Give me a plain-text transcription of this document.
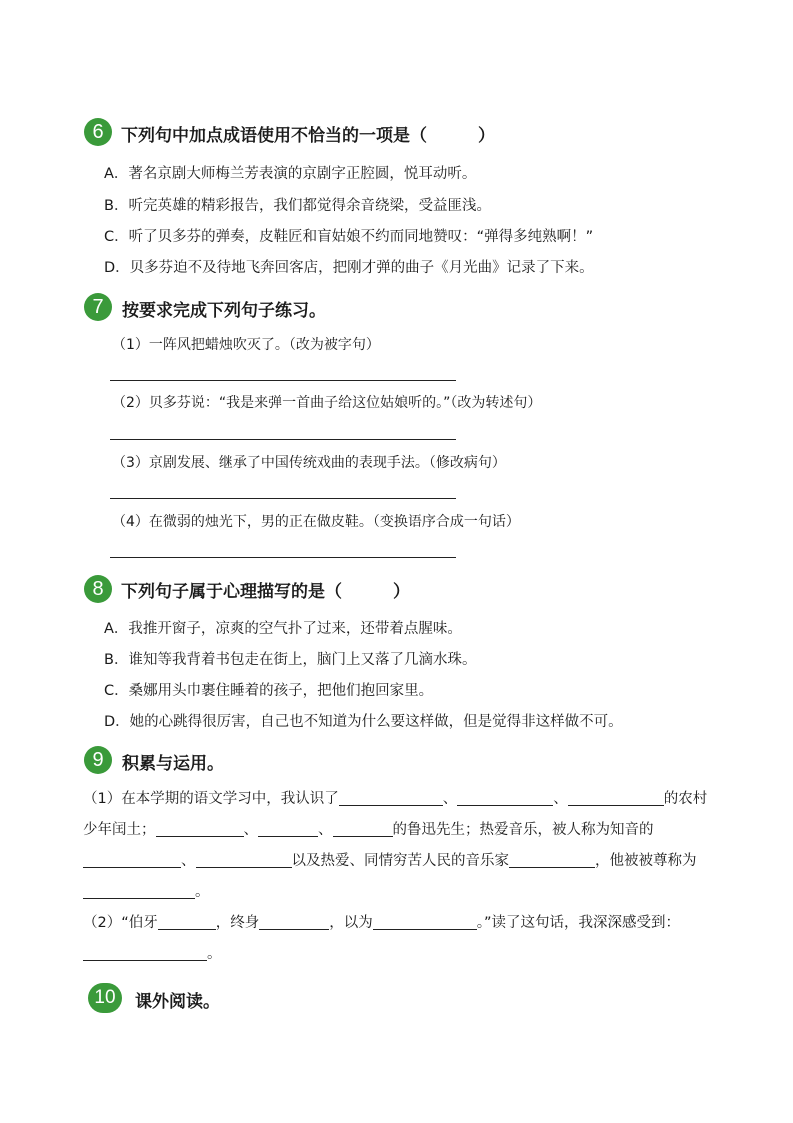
6	下列句中加点成语使用不恰当的一项是（　　　）
A．著名京剧大师梅兰芳表演的京剧字正腔圆，悦耳动听。
B．听完英雄的精彩报告，我们都觉得余音绕梁，受益匪浅。
C．听了贝多芬的弹奏，皮鞋匠和盲姑娘不约而同地赞叹：“弹得多纯熟啊！”
D．贝多芬迫不及待地飞奔回客店，把刚才弹的曲子《月光曲》记录了下来。
7	按要求完成下列句子练习。
（1）一阵风把蜡烛吹灭了。（改为被字句）
（2）贝多芬说：“我是来弹一首曲子给这位姑娘听的。”（改为转述句）
（3）京剧发展、继承了中国传统戏曲的表现手法。（修改病句）
（4）在微弱的烛光下，男的正在做皮鞋。（变换语序合成一句话）
8	下列句子属于心理描写的是（　　　）
A．我推开窗子，凉爽的空气扑了过来，还带着点腥味。
B．谁知等我背着书包走在街上，脑门上又落了几滴水珠。
C．桑娜用头巾裹住睡着的孩子，把他们抱回家里。
D．她的心跳得很厉害，自己也不知道为什么要这样做，但是觉得非这样做不可。
9	积累与运用。
（1）在本学期的语文学习中，我认识了	、	、	的农村少年闰土；	、	、	的鲁迅先生；热爱音乐，被人称为知音的、	以及热爱、同情穷苦人民的音乐家	，他被被尊称为。
（2）“伯牙	，终身	，以为	。”读了这句话，我深深感受到：。
10	课外阅读。
